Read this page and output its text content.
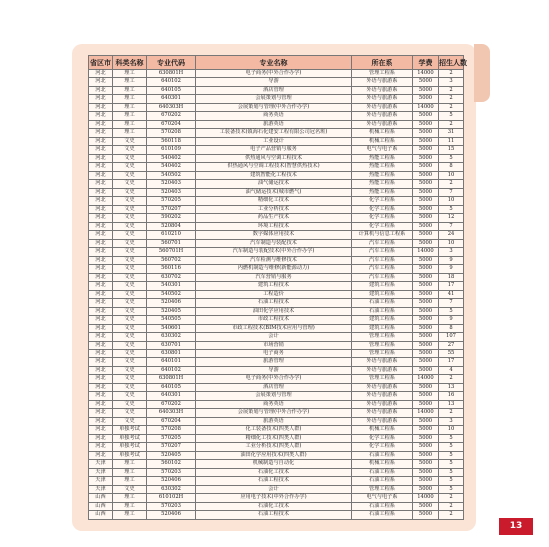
省区市	科类名称	专业代码	专业名称	所在系	学费	招生人数
河北	理工	630801H	电子商务(中外合作办学)	管理工程系	14000	2
河北	理工	640102	导游	外语与旅游系	5000	3
河北	理工	640105	酒店管理	外语与旅游系	5000	2
河北	理工	640301	会展策划与管理	外语与旅游系	5000	2
河北	理工	640303H	会展策划与管理(中外合作办学)	外语与旅游系	14000	2
河北	理工	670202	商务英语	外语与旅游系	5000	5
河北	理工	670204	旅游英语	外语与旅游系	5000	2
河北	理工	570208	工装备技术(镇海石化建安工程有限公司冠名班)	机械工程系	5000	31
河北	文史	560118	工业设计	机械工程系	5000	11
河北	文史	610109	电子产品营销与服务	电气与电子系	5000	15
河北	文史	540402	供热通风与空调工程技术	热能工程系	5000	5
河北	文史	540402	供热通风与空调工程技术(智慧供热技术)	热能工程系	5000	8
河北	文史	540502	建筑智能化工程技术	热能工程系	5000	10
河北	文史	520403	油气储运技术	热能工程系	5000	2
河北	文史	520403	油气储运技术(城市燃气)	热能工程系	5000	7
河北	文史	570205	精细化工技术	化学工程系	5000	10
河北	文史	570207	工业分析技术	化学工程系	5000	5
河北	文史	590202	药品生产技术	化学工程系	5000	12
河北	文史	520804	环境工程技术	化学工程系	5000	7
河北	文史	610210	数字媒体应用技术	计算机与信息工程系	5000	24
河北	文史	560701	汽车制造与装配技术	汽车工程系	5000	10
河北	文史	560701H	汽车制造与装配技术(中外合作办学)	汽车工程系	14000	3
河北	文史	560702	汽车检测与维修技术	汽车工程系	5000	9
河北	文史	560116	内燃机制造与维修(新能源动力)	汽车工程系	5000	9
河北	文史	630702	汽车营销与服务	汽车工程系	5000	18
河北	文史	540301	建筑工程技术	建筑工程系	5000	17
河北	文史	540502	工程造价	建筑工程系	5000	41
河北	文史	520406	石油工程技术	石油工程系	5000	7
河北	文史	520405	油田化学应用技术	石油工程系	5000	5
河北	文史	540505	市政工程技术	建筑工程系	5000	9
河北	文史	540601	市政工程技术(BIM技术应用与管理)	建筑工程系	5000	8
河北	文史	630302	会计	管理工程系	5000	107
河北	文史	630701	市场营销	管理工程系	5000	27
河北	文史	630801	电子商务	管理工程系	5000	55
河北	文史	640101	旅游管理	外语与旅游系	5000	17
河北	文史	640102	导游	外语与旅游系	5000	4
河北	文史	630801H	电子商务(中外合作办学)	管理工程系	14000	2
河北	文史	640105	酒店管理	外语与旅游系	5000	13
河北	文史	640301	会展策划与管理	外语与旅游系	5000	16
河北	文史	670202	商务英语	外语与旅游系	5000	13
河北	文史	640303H	会展策划与管理(中外合作办学)	外语与旅游系	14000	2
河北	文史	670204	旅游英语	外语与旅游系	5000	3
河北	单独考试	570208	化工装备技术(四类人群)	机械工程系	5000	10
河北	单独考试	570205	精细化工技术(四类人群)	化学工程系	5000	5
河北	单独考试	570207	工业分析技术(四类人群)	化学工程系	5000	5
河北	单独考试	520405	油田化学应用技术(四类人群)	石油工程系	5000	5
天津	理工	560102	机械制造与自动化	机械工程系	5000	5
天津	理工	570203	石油化工技术	石油工程系	5000	5
天津	理工	520406	石油工程技术	石油工程系	5000	5
天津	文史	630302	会计	管理工程系	5000	5
山西	理工	610102H	应用电子技术(中外合作办学)	电气与电子系	14000	2
山西	理工	570203	石油化工技术	石油工程系	5000	2
山西	理工	520406	石油工程技术	石油工程系	5000	2
13
